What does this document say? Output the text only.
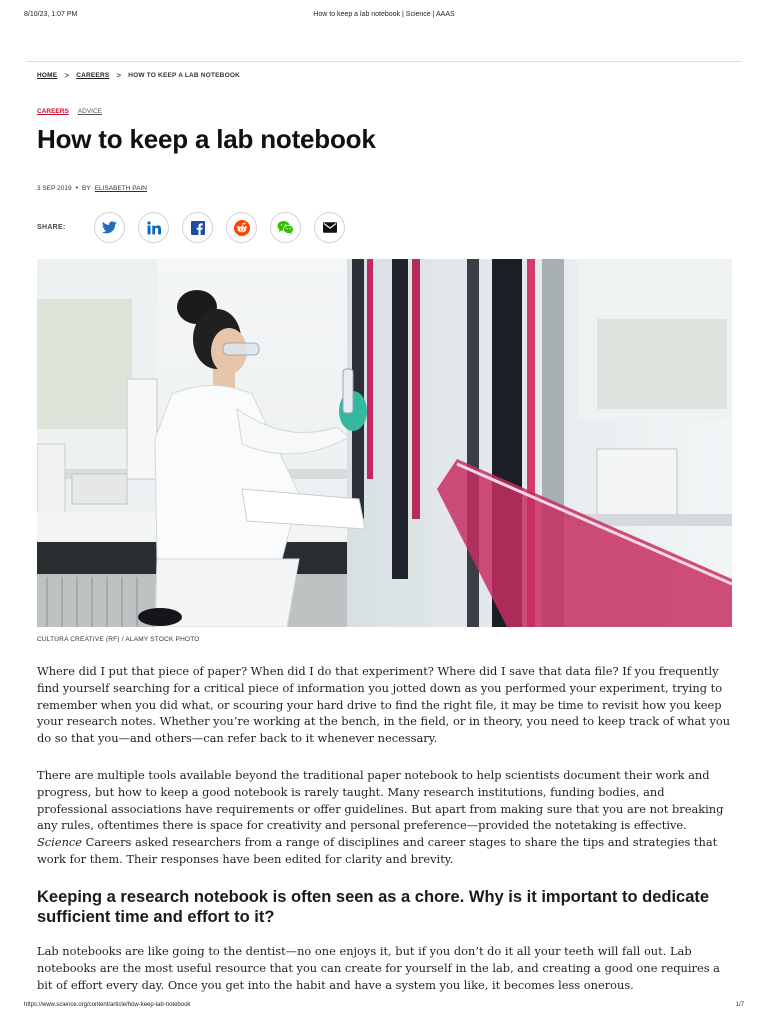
8/10/23, 1:07 PM	How to keep a lab notebook | Science | AAAS
HOME > CAREERS > HOW TO KEEP A LAB NOTEBOOK
CAREERS ADVICE
How to keep a lab notebook
3 SEP 2019 • BY ELISABETH PAIN
SHARE:
CULTURA CREATIVE (RF) / ALAMY STOCK PHOTO

Where did I put that piece of paper? When did I do that experiment? Where did I save that data file? If you frequently find yourself searching for a critical piece of information you jotted down as you performed your experiment, trying to remember when you did what, or scouring your hard drive to find the right file, it may be time to revisit how you keep your research notes. Whether you’re working at the bench, in the field, or in theory, you need to keep track of what you do so that you—and others—can refer back to it whenever necessary.

There are multiple tools available beyond the traditional paper notebook to help scientists document their work and progress, but how to keep a good notebook is rarely taught. Many research institutions, funding bodies, and professional associations have requirements or offer guidelines. But apart from making sure that you are not breaking any rules, oftentimes there is space for creativity and personal preference—provided the notetaking is effective. Science Careers asked researchers from a range of disciplines and career stages to share the tips and strategies that work for them. Their responses have been edited for clarity and brevity.

Keeping a research notebook is often seen as a chore. Why is it important to dedicate sufficient time and effort to it?

Lab notebooks are like going to the dentist—no one enjoys it, but if you don’t do it all your teeth will fall out. Lab notebooks are the most useful resource that you can create for yourself in the lab, and creating a good one requires a bit of effort every day. Once you get into the habit and have a system you like, it becomes less onerous.

https://www.science.org/content/article/how-keep-lab-notebook	1/7
